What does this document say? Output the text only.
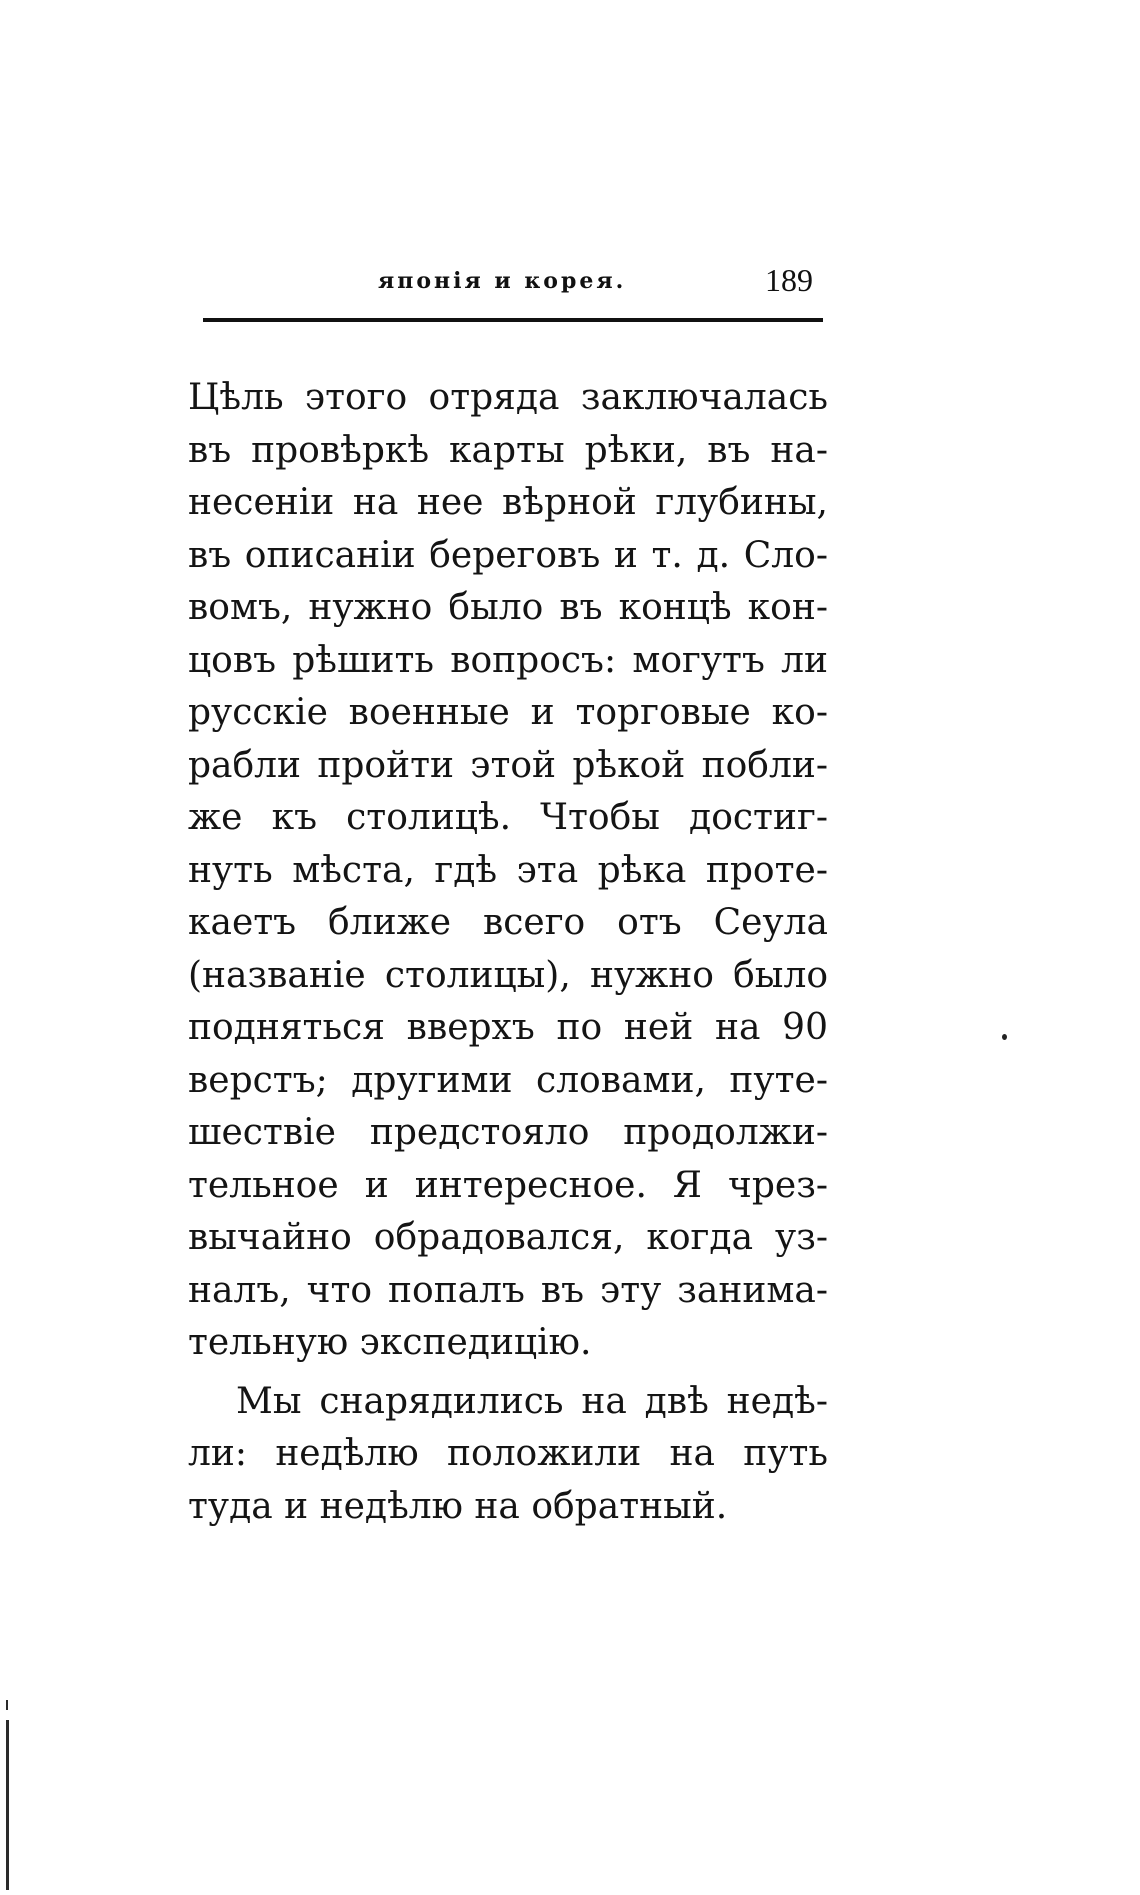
японія и корея.	189
Цѣль этого отряда заключалась
въ провѣркѣ карты рѣки, въ на-
несеніи на нее вѣрной глубины,
въ описаніи береговъ и т. д. Сло-
вомъ, нужно было въ концѣ кон-
цовъ рѣшить вопросъ: могутъ ли
русскіе военные и торговые ко-
рабли пройти этой рѣкой побли-
же къ столицѣ. Чтобы достиг-
нуть мѣста, гдѣ эта рѣка проте-
каетъ ближе всего отъ Сеула
(названіе столицы), нужно было
подняться вверхъ по ней на 90
верстъ; другими словами, путе-
шествіе предстояло продолжи-
тельное и интересное. Я чрез-
вычайно обрадовался, когда уз-
налъ, что попалъ въ эту занима-
тельную экспедицію.
Мы снарядились на двѣ недѣ-
ли: недѣлю положили на путь
туда и недѣлю на обратный.
